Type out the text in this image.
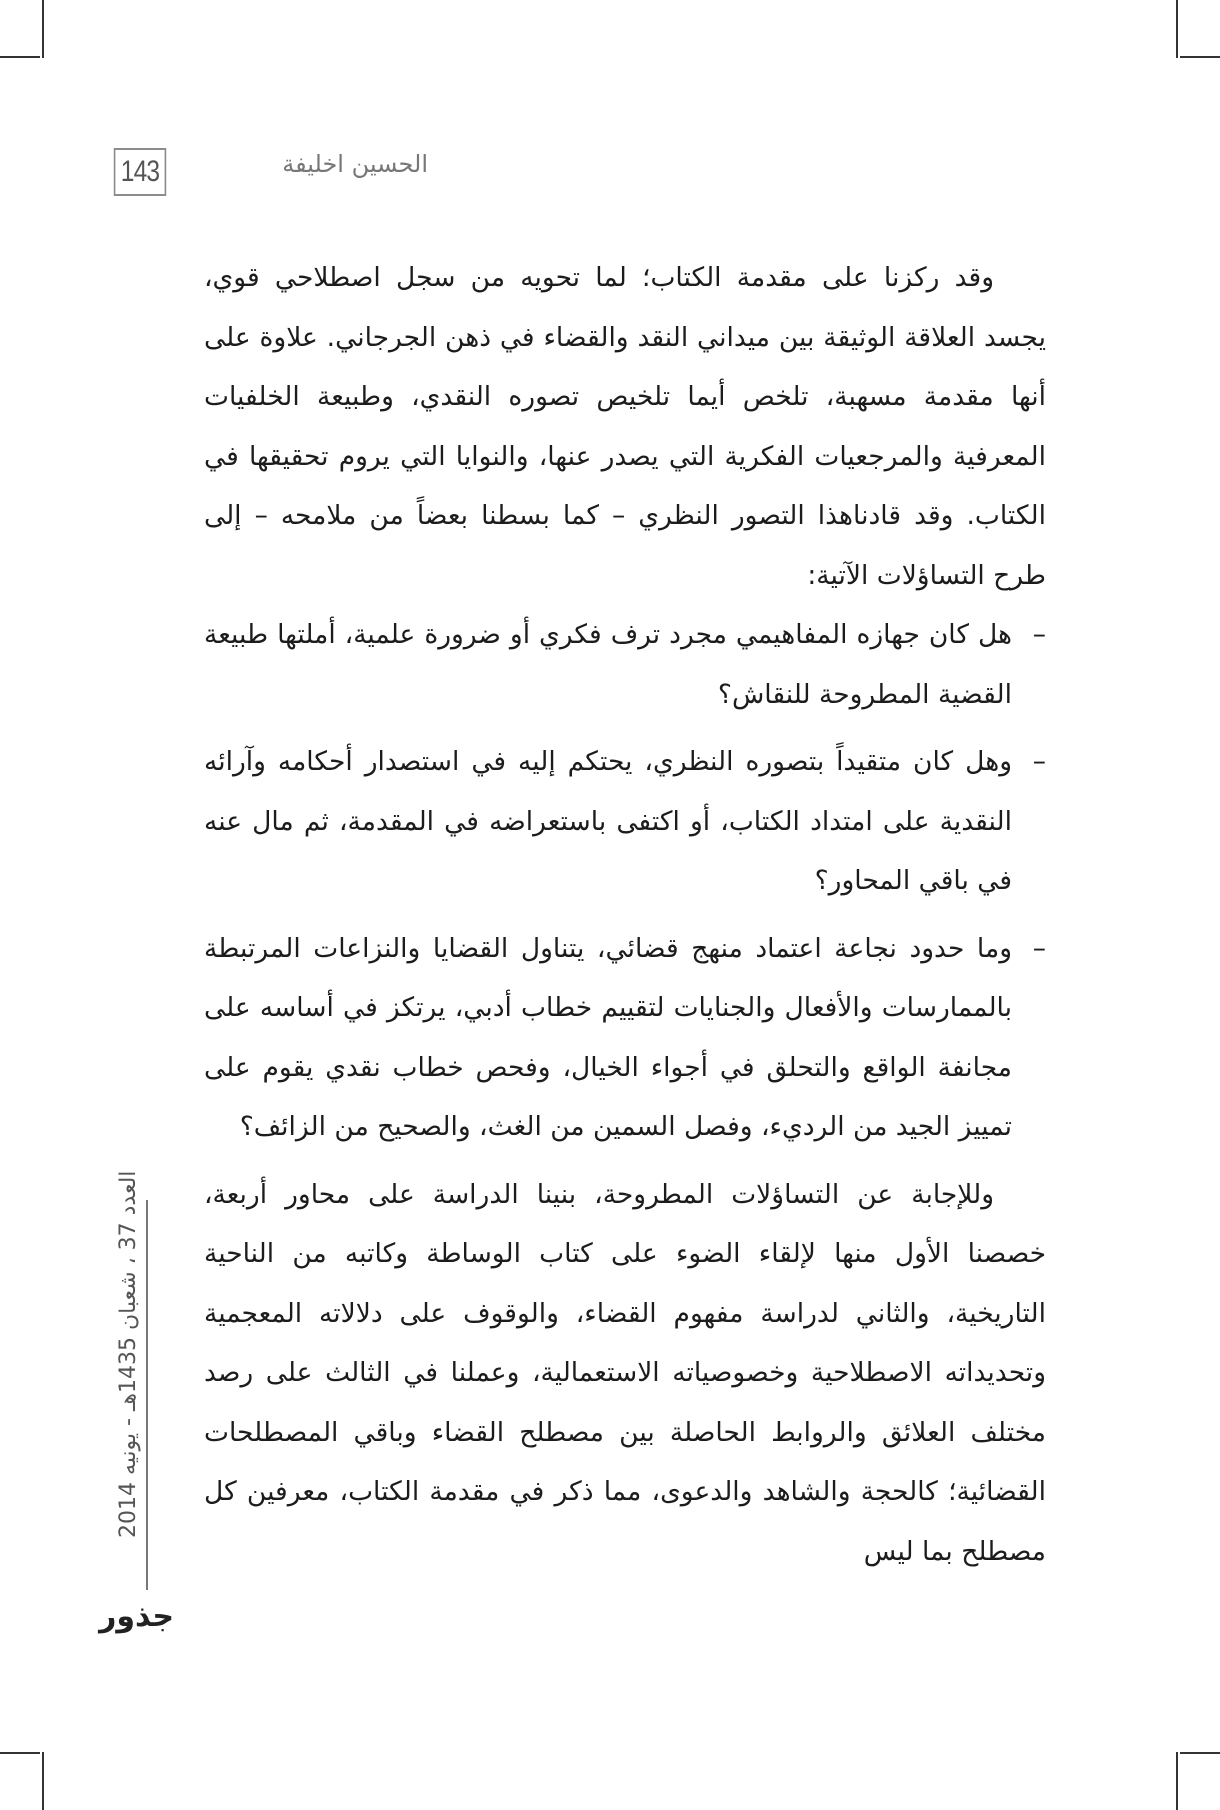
143	الحسين اخليفة

وقد ركزنا على مقدمة الكتاب؛ لما تحويه من سجل اصطلاحي قوي، يجسد العلاقة الوثيقة بين ميداني النقد والقضاء في ذهن الجرجاني. علاوة على أنها مقدمة مسهبة، تلخص أيما تلخيص تصوره النقدي، وطبيعة الخلفيات المعرفية والمرجعيات الفكرية التي يصدر عنها، والنوايا التي يروم تحقيقها في الكتاب. وقد قادناهذا التصور النظري – كما بسطنا بعضاً من ملامحه – إلى طرح التساؤلات الآتية:

–
هل كان جهازه المفاهيمي مجرد ترف فكري أو ضرورة علمية، أملتها طبيعة القضية المطروحة للنقاش؟
–
وهل كان متقيداً بتصوره النظري، يحتكم إليه في استصدار أحكامه وآرائه النقدية على امتداد الكتاب، أو اكتفى باستعراضه في المقدمة، ثم مال عنه في باقي المحاور؟
–
وما حدود نجاعة اعتماد منهج قضائي، يتناول القضايا والنزاعات المرتبطة بالممارسات والأفعال والجنايات لتقييم خطاب أدبي، يرتكز في أساسه على مجانفة الواقع والتحلق في أجواء الخيال، وفحص خطاب نقدي يقوم على تمييز الجيد من الرديء، وفصل السمين من الغث، والصحيح من الزائف؟

وللإجابة عن التساؤلات المطروحة، بنينا الدراسة على محاور أربعة، خصصنا الأول منها لإلقاء الضوء على كتاب الوساطة وكاتبه من الناحية التاريخية، والثاني لدراسة مفهوم القضاء، والوقوف على دلالاته المعجمية وتحديداته الاصطلاحية وخصوصياته الاستعمالية، وعملنا في الثالث على رصد مختلف العلائق والروابط الحاصلة بين مصطلح القضاء وباقي المصطلحات القضائية؛ كالحجة والشاهد والدعوى، مما ذكر في مقدمة الكتاب، معرفين كل مصطلح بما ليس

العدد 37 ، شعبان 1435هـ - يونيه 2014
جذور
